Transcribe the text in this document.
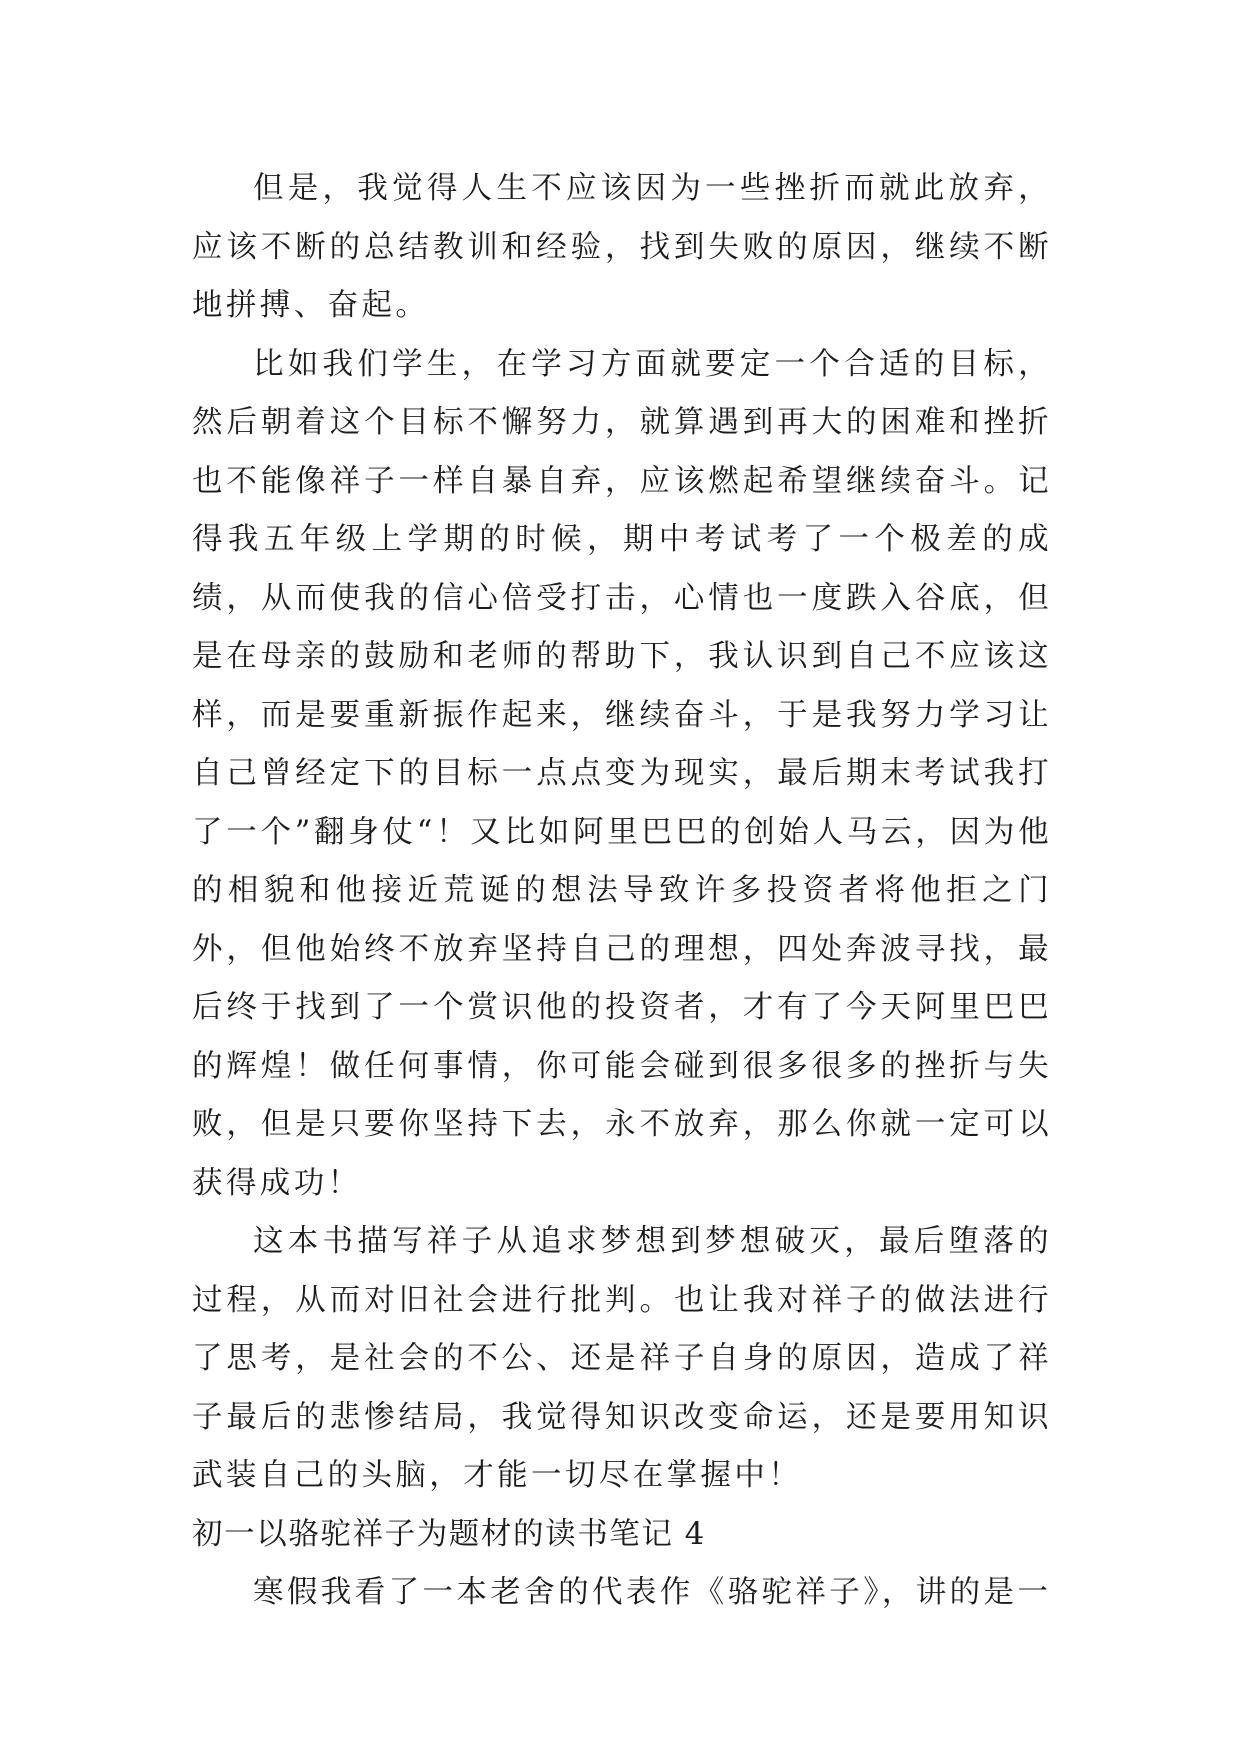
但是，我觉得人生不应该因为一些挫折而就此放弃，应该不断的总结教训和经验，找到失败的原因，继续不断地拼搏、奋起。

比如我们学生，在学习方面就要定一个合适的目标，然后朝着这个目标不懈努力，就算遇到再大的困难和挫折也不能像祥子一样自暴自弃，应该燃起希望继续奋斗。记得我五年级上学期的时候，期中考试考了一个极差的成绩，从而使我的信心倍受打击，心情也一度跌入谷底，但是在母亲的鼓励和老师的帮助下，我认识到自己不应该这样，而是要重新振作起来，继续奋斗，于是我努力学习让自己曾经定下的目标一点点变为现实，最后期末考试我打了一个”翻身仗“！又比如阿里巴巴的创始人马云，因为他的相貌和他接近荒诞的想法导致许多投资者将他拒之门外，但他始终不放弃坚持自己的理想，四处奔波寻找，最后终于找到了一个赏识他的投资者，才有了今天阿里巴巴的辉煌！做任何事情，你可能会碰到很多很多的挫折与失败，但是只要你坚持下去，永不放弃，那么你就一定可以获得成功！

这本书描写祥子从追求梦想到梦想破灭，最后堕落的过程，从而对旧社会进行批判。也让我对祥子的做法进行了思考，是社会的不公、还是祥子自身的原因，造成了祥子最后的悲惨结局，我觉得知识改变命运，还是要用知识武装自己的头脑，才能一切尽在掌握中！

初一以骆驼祥子为题材的读书笔记 4

寒假我看了一本老舍的代表作《骆驼祥子》，讲的是一
